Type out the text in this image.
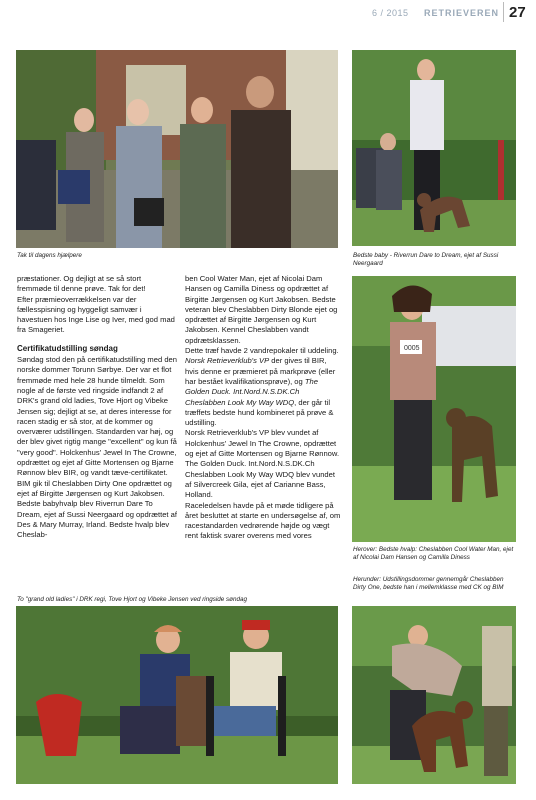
6 / 2015 RETRIEVEREN 27
Tak til dagens hjælpere	Bedste baby - Riverrun Dare to Dream, ejet af Sussi Neergaard

præstationer. Og dejligt at se så stort fremmøde til denne prøve. Tak for det!

Efter præmieoverrækkelsen var der fællesspisning og hyggeligt samvær i havestuen hos Inge Lise og Iver, med god mad fra Smageriet.

Certifikatudstilling søndag

Søndag stod den på certifikatudstilling med den norske dommer Torunn Sørbye. Der var et flot fremmøde med hele 28 hunde tilmeldt. Som nogle af de første ved ringside indfandt 2 af DRK's grand old ladies, Tove Hjort og Vibeke Jensen sig; dejligt at se, at deres interesse for racen stadig er så stor, at de kommer og overværer udstillingen. Standarden var høj, og der blev givet rigtig mange "excellent" og kun få "very good". Holckenhus' Jewel In The Crowne, opdrættet og ejet af Gitte Mortensen og Bjarne Rønnow blev BIR, og vandt tæve-certifikatet. BIM gik til Cheslabben Dirty One opdrættet og ejet af Birgitte Jørgensen og Kurt Jakobsen. Bedste babyhvalp blev Riverrun Dare To Dream, ejet af Sussi Neergaard og opdrættet af Des & Mary Murray, Irland. Bedste hvalp blev Cheslab-

ben Cool Water Man, ejet af Nicolai Dam Hansen og Camilla Diness og opdrættet af Birgitte Jørgensen og Kurt Jakobsen. Bedste veteran blev Cheslabben Dirty Blonde ejet og opdrættet af Birgitte Jørgensen og Kurt Jakobsen. Kennel Cheslabben vandt opdrætsklassen.

Dette træf havde 2 vandrepokaler til uddeling. Norsk Retrieverklub's VP der gives til BIR, hvis denne er præmieret på markprøve (eller har bestået kvalifikationsprøve), og The Golden Duck. Int.Nord.N.S.DK.Ch Cheslabben Look My Way WDQ, der går til træffets bedste hund kombineret på prøve & udstilling.

Norsk Retrieverklub's VP blev vundet af Holckenhus' Jewel In The Crowne, opdrættet og ejet af Gitte Mortensen og Bjarne Rønnow.

The Golden Duck. Int.Nord.N.S.DK.Ch Cheslabben Look My Way WDQ blev vundet af Silvercreek Gila, ejet af Carianne Bass, Holland.

Raceledelsen havde på et møde tidligere på året besluttet at starte en undersøgelse af, om racestandarden vedrørende højde og vægt rent faktisk svarer overens med vores

0005
Herover: Bedste hvalp: Cheslabben Cool Water Man, ejet af Nicolai Dam Hansen og Camilla Diness
Herunder: Udstillingsdommer gennemgår Cheslabben Dirty One, bedste han i mellemklasse med CK og BIM
To "grand old ladies" i DRK regi, Tove Hjort og Vibeke Jensen ved ringside søndag
